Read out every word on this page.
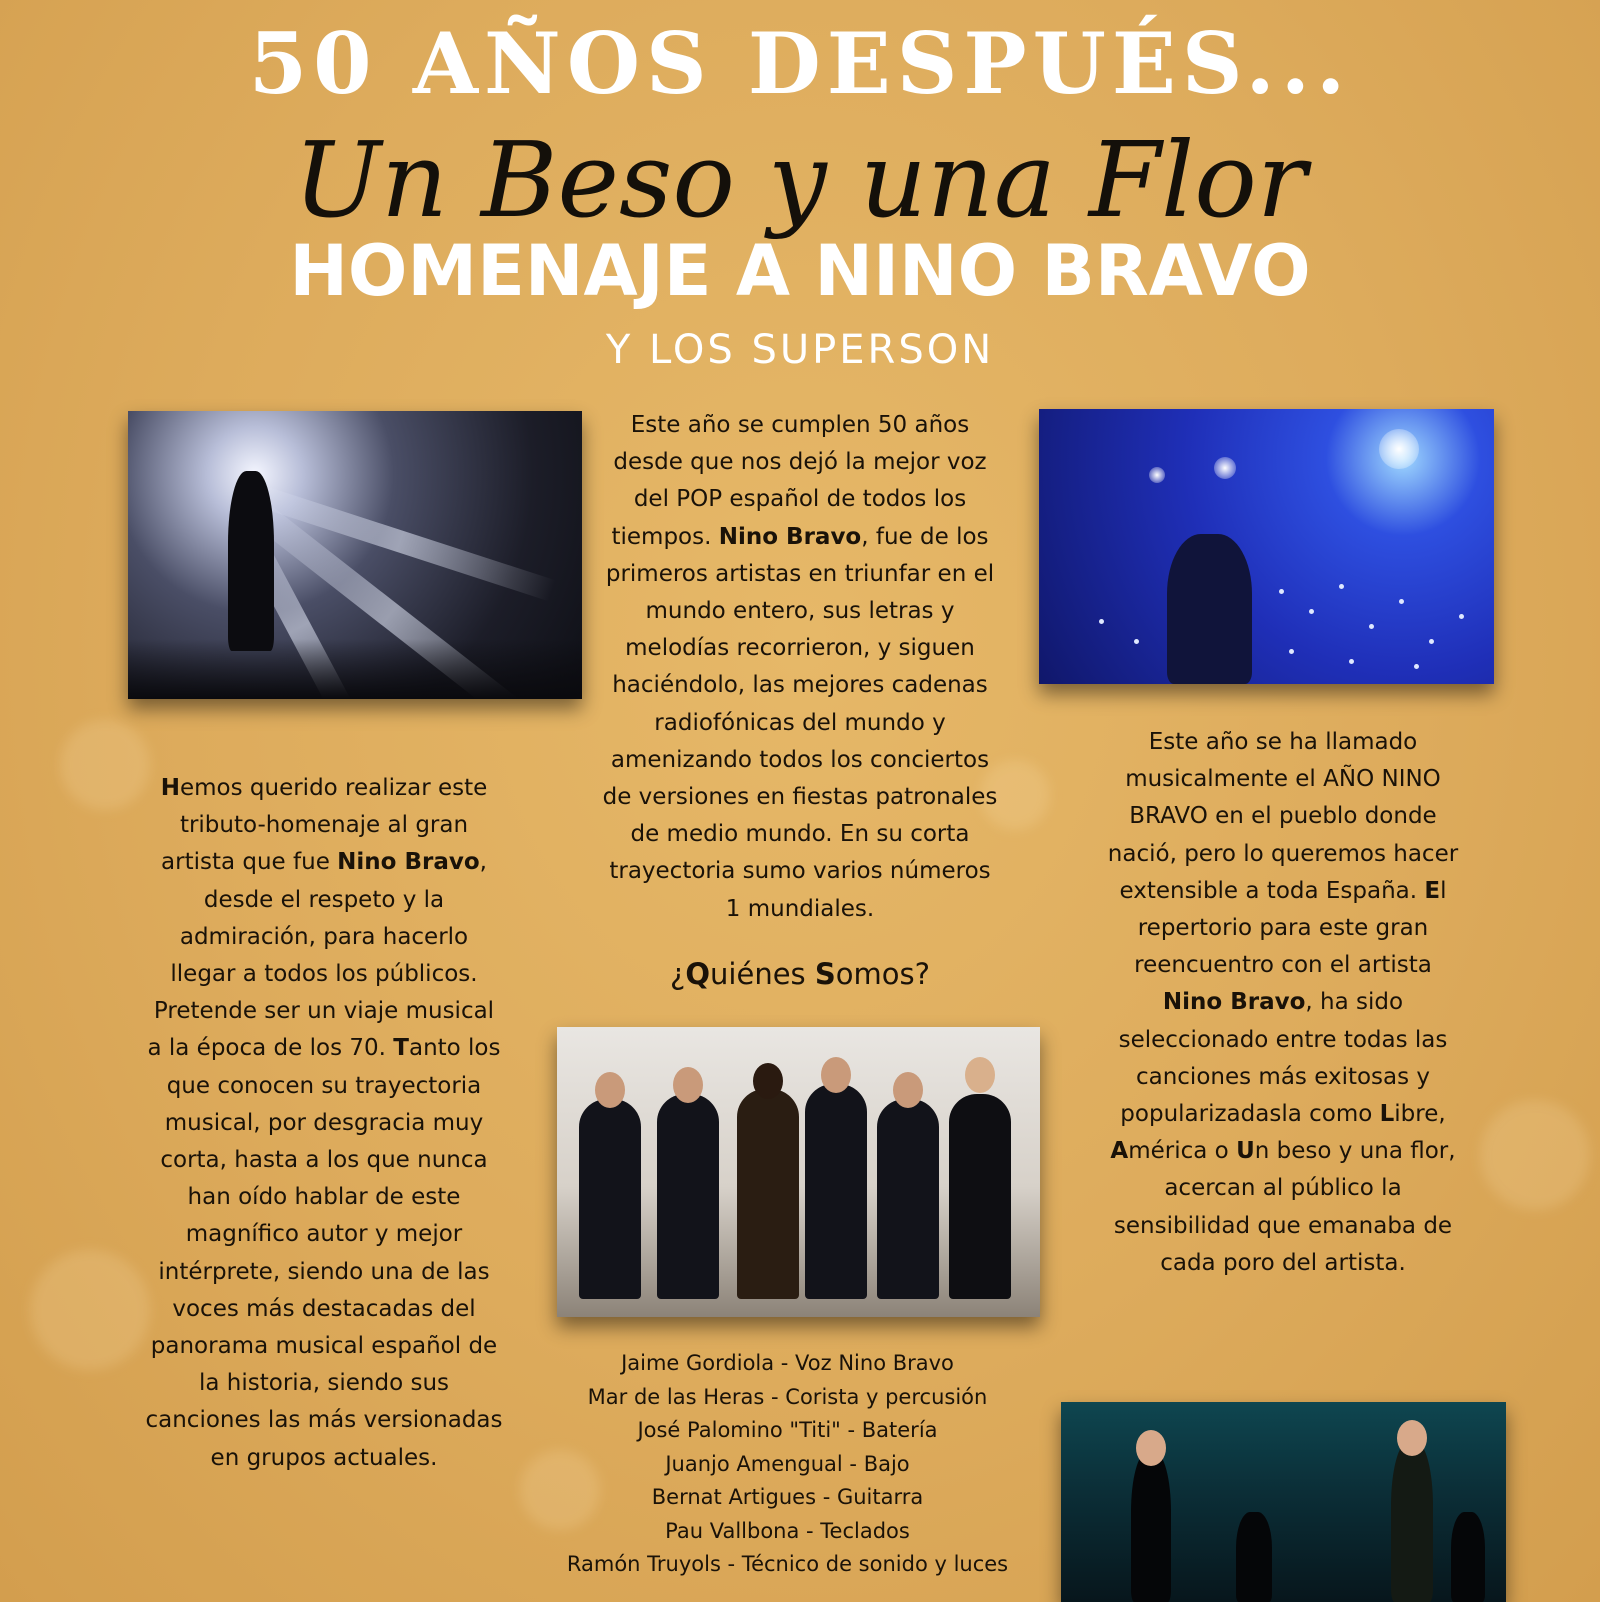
50 AÑOS DESPUÉS...
Un Beso y una Flor
HOMENAJE A NINO BRAVO
Y LOS SUPERSON
Este año se cumplen 50 años desde que nos dejó la mejor voz del POP español de todos los tiempos. Nino Bravo, fue de los primeros artistas en triunfar en el mundo entero, sus letras y melodías recorrieron, y siguen haciéndolo, las mejores cadenas radiofónicas del mundo y amenizando todos los conciertos de versiones en fiestas patronales de medio mundo. En su corta trayectoria sumo varios números 1 mundiales.
Hemos querido realizar este tributo-homenaje al gran artista que fue Nino Bravo, desde el respeto y la admiración, para hacerlo llegar a todos los públicos. Pretende ser un viaje musical a la época de los 70. Tanto los que conocen su trayectoria musical, por desgracia muy corta, hasta a los que nunca han oído hablar de este magnífico autor y mejor intérprete, siendo una de las voces más destacadas del panorama musical español de la historia, siendo sus canciones las más versionadas en grupos actuales.
Este año se ha llamado musicalmente el AÑO NINO BRAVO en el pueblo donde nació, pero lo queremos hacer extensible a toda España. El repertorio para este gran reencuentro con el artista Nino Bravo, ha sido seleccionado entre todas las canciones más exitosas y popularizadasla como Libre, América o Un beso y una flor, acercan al público la sensibilidad que emanaba de cada poro del artista.
¿Quiénes Somos?
Jaime Gordiola - Voz Nino Bravo
Mar de las Heras - Corista y percusión
José Palomino "Titi" - Batería
Juanjo Amengual - Bajo
Bernat Artigues - Guitarra
Pau Vallbona - Teclados
Ramón Truyols - Técnico de sonido y luces
